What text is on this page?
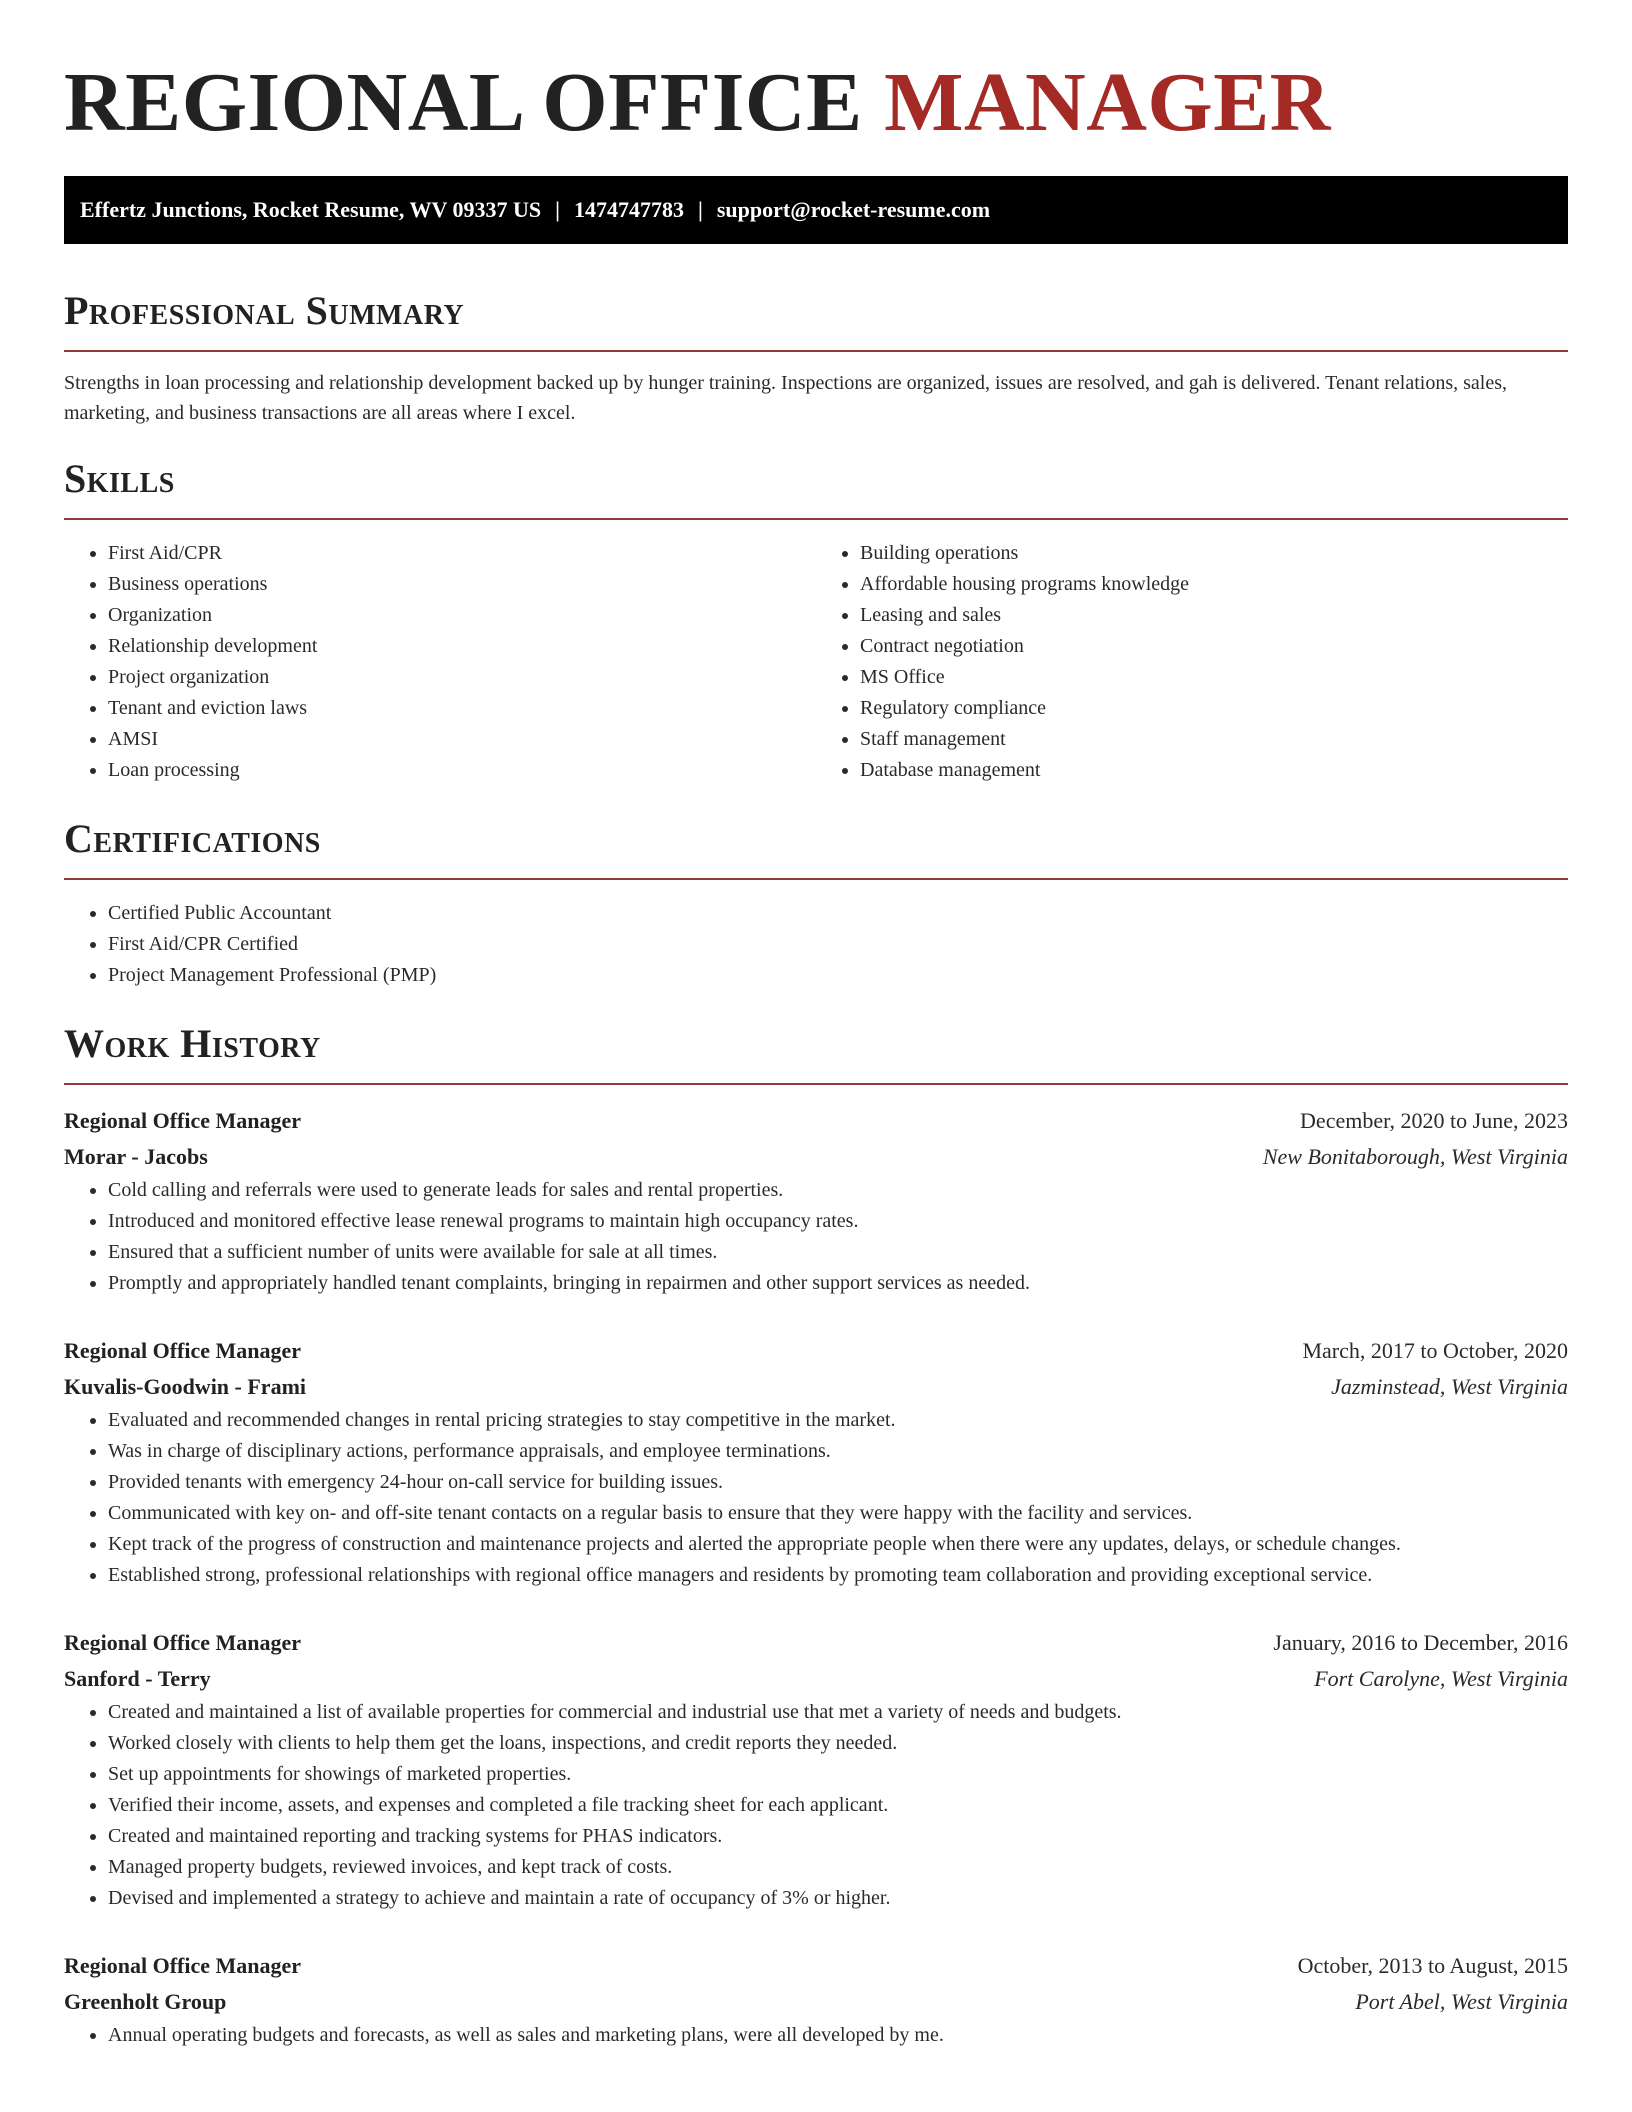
REGIONAL OFFICE MANAGER
Effertz Junctions, Rocket Resume, WV 09337 US | 1474747783 | support@rocket-resume.com
Professional Summary

Strengths in loan processing and relationship development backed up by hunger training. Inspections are organized, issues are resolved, and gah is delivered. Tenant relations, sales, marketing, and business transactions are all areas where I excel.

Skills
• First Aid/CPR
• Business operations
• Organization
• Relationship development
• Project organization
• Tenant and eviction laws
• AMSI
• Loan processing
• Building operations
• Affordable housing programs knowledge
• Leasing and sales
• Contract negotiation
• MS Office
• Regulatory compliance
• Staff management
• Database management
Certifications
• Certified Public Accountant
• First Aid/CPR Certified
• Project Management Professional (PMP)
Work History
Regional Office Manager	December, 2020 to June, 2023
Morar - Jacobs	New Bonitaborough, West Virginia
• Cold calling and referrals were used to generate leads for sales and rental properties.
• Introduced and monitored effective lease renewal programs to maintain high occupancy rates.
• Ensured that a sufficient number of units were available for sale at all times.
• Promptly and appropriately handled tenant complaints, bringing in repairmen and other support services as needed.
Regional Office Manager	March, 2017 to October, 2020
Kuvalis-Goodwin - Frami	Jazminstead, West Virginia
• Evaluated and recommended changes in rental pricing strategies to stay competitive in the market.
• Was in charge of disciplinary actions, performance appraisals, and employee terminations.
• Provided tenants with emergency 24-hour on-call service for building issues.
• Communicated with key on- and off-site tenant contacts on a regular basis to ensure that they were happy with the facility and services.
• Kept track of the progress of construction and maintenance projects and alerted the appropriate people when there were any updates, delays, or schedule changes.
• Established strong, professional relationships with regional office managers and residents by promoting team collaboration and providing exceptional service.
Regional Office Manager	January, 2016 to December, 2016
Sanford - Terry	Fort Carolyne, West Virginia
• Created and maintained a list of available properties for commercial and industrial use that met a variety of needs and budgets.
• Worked closely with clients to help them get the loans, inspections, and credit reports they needed.
• Set up appointments for showings of marketed properties.
• Verified their income, assets, and expenses and completed a file tracking sheet for each applicant.
• Created and maintained reporting and tracking systems for PHAS indicators.
• Managed property budgets, reviewed invoices, and kept track of costs.
• Devised and implemented a strategy to achieve and maintain a rate of occupancy of 3% or higher.
Regional Office Manager	October, 2013 to August, 2015
Greenholt Group	Port Abel, West Virginia
• Annual operating budgets and forecasts, as well as sales and marketing plans, were all developed by me.
